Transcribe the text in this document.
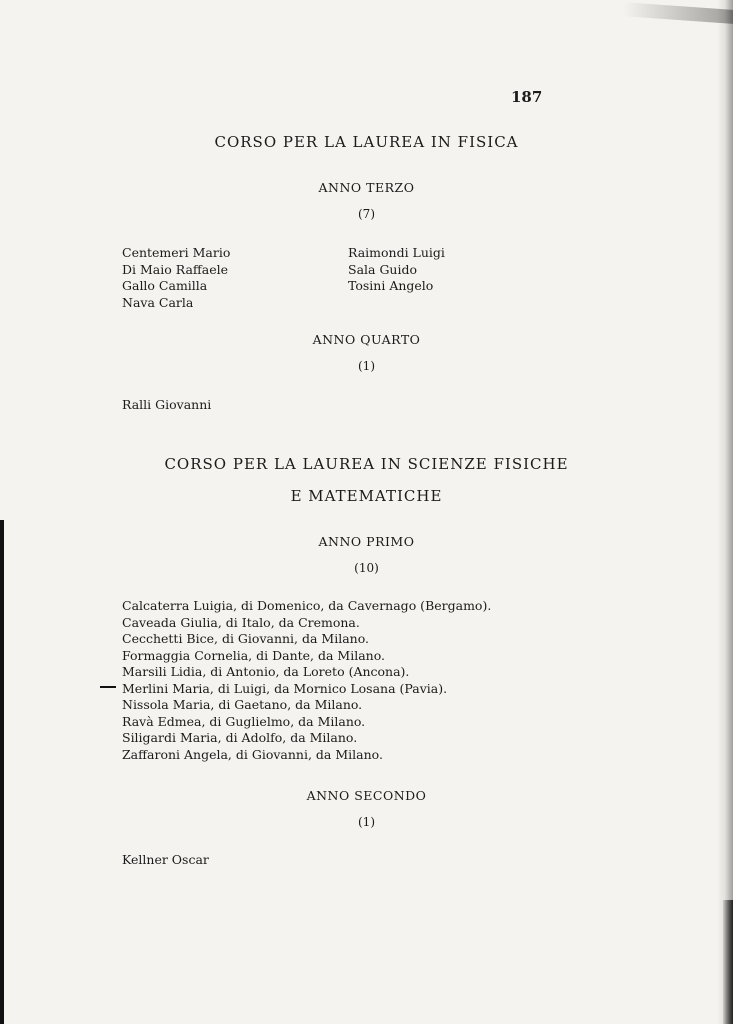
187
CORSO PER LA LAUREA IN FISICA
ANNO TERZO
(7)
Centemeri Mario
Di Maio Raffaele
Gallo Camilla
Nava Carla
Raimondi Luigi
Sala Guido
Tosini Angelo
ANNO QUARTO
(1)
Ralli Giovanni
CORSO PER LA LAUREA IN SCIENZE FISICHE
E MATEMATICHE
ANNO PRIMO
(10)
Calcaterra Luigia, di Domenico, da Cavernago (Bergamo).
Caveada Giulia, di Italo, da Cremona.
Cecchetti Bice, di Giovanni, da Milano.
Formaggia Cornelia, di Dante, da Milano.
Marsili Lidia, di Antonio, da Loreto (Ancona).
Merlini Maria, di Luigi, da Mornico Losana (Pavia).
Nissola Maria, di Gaetano, da Milano.
Ravà Edmea, di Guglielmo, da Milano.
Siligardi Maria, di Adolfo, da Milano.
Zaffaroni Angela, di Giovanni, da Milano.
ANNO SECONDO
(1)
Kellner Oscar
